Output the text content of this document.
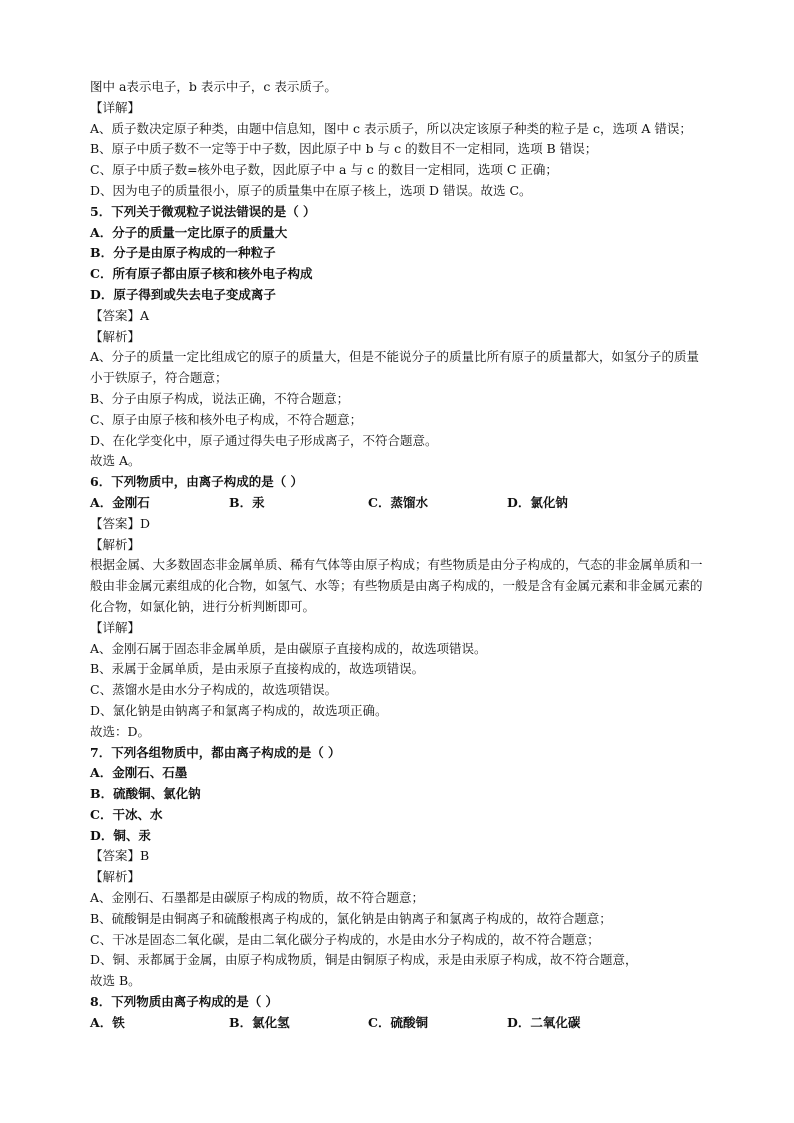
图中 a表示电子，b 表示中子，c 表示质子。
【详解】
A、质子数决定原子种类，由题中信息知，图中 c 表示质子，所以决定该原子种类的粒子是 c，选项 A 错误；
B、原子中质子数不一定等于中子数，因此原子中 b 与 c 的数目不一定相同，选项 B 错误；
C、原子中质子数=核外电子数，因此原子中 a 与 c 的数目一定相同，选项 C 正确；
D、因为电子的质量很小，原子的质量集中在原子核上，选项 D 错误。故选 C。
5．下列关于微观粒子说法错误的是（ ）
A．分子的质量一定比原子的质量大
B．分子是由原子构成的一种粒子
C．所有原子都由原子核和核外电子构成
D．原子得到或失去电子变成离子
【答案】A
【解析】
A、分子的质量一定比组成它的原子的质量大，但是不能说分子的质量比所有原子的质量都大，如氢分子的质量小于铁原子，符合题意；
B、分子由原子构成，说法正确，不符合题意；
C、原子由原子核和核外电子构成，不符合题意；
D、在化学变化中，原子通过得失电子形成离子，不符合题意。
故选 A。
6．下列物质中，由离子构成的是（ ）
A．金刚石	B．汞	C．蒸馏水	D．氯化钠
【答案】D
【解析】
根据金属、大多数固态非金属单质、稀有气体等由原子构成；有些物质是由分子构成的，气态的非金属单质和一般由非金属元素组成的化合物，如氢气、水等；有些物质是由离子构成的，一般是含有金属元素和非金属元素的化合物，如氯化钠，进行分析判断即可。
【详解】
A、金刚石属于固态非金属单质，是由碳原子直接构成的，故选项错误。
B、汞属于金属单质，是由汞原子直接构成的，故选项错误。
C、蒸馏水是由水分子构成的，故选项错误。
D、氯化钠是由钠离子和氯离子构成的，故选项正确。
故选：D。
7．下列各组物质中，都由离子构成的是（ ）
A．金刚石、石墨
B．硫酸铜、氯化钠
C．干冰、水
D．铜、汞
【答案】B
【解析】
A、金刚石、石墨都是由碳原子构成的物质，故不符合题意；
B、硫酸铜是由铜离子和硫酸根离子构成的，氯化钠是由钠离子和氯离子构成的，故符合题意；
C、干冰是固态二氧化碳，是由二氧化碳分子构成的，水是由水分子构成的，故不符合题意；
D、铜、汞都属于金属，由原子构成物质，铜是由铜原子构成，汞是由汞原子构成，故不符合题意，
故选 B。
8．下列物质由离子构成的是（ ）
A．铁	B．氯化氢	C．硫酸铜	D．二氧化碳
